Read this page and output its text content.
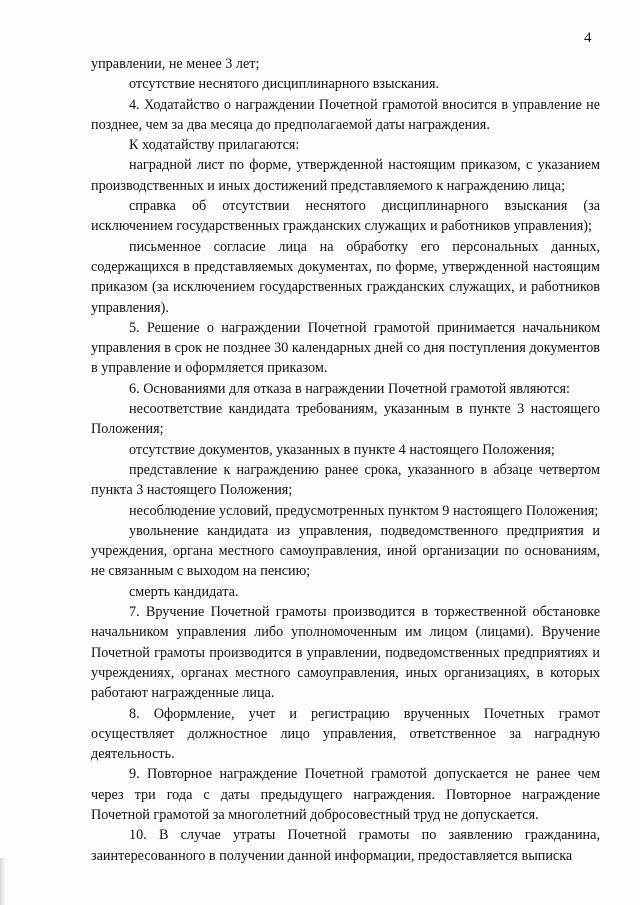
4

управлении, не менее 3 лет;

отсутствие неснятого дисциплинарного взыскания.

4. Ходатайство о награждении Почетной грамотой вносится в управление не позднее, чем за два месяца до предполагаемой даты награждения.

К ходатайству прилагаются:

наградной лист по форме, утвержденной настоящим приказом, с указанием производственных и иных достижений представляемого к награждению лица;

справка об отсутствии неснятого дисциплинарного взыскания (за исключением государственных гражданских служащих и работников управления);

письменное согласие лица на обработку его персональных данных, содержащихся в представляемых документах, по форме, утвержденной настоящим приказом (за исключением государственных гражданских служащих, и работников управления).

5. Решение о награждении Почетной грамотой принимается начальником управления в срок не позднее 30 календарных дней со дня поступления документов в управление и оформляется приказом.

6. Основаниями для отказа в награждении Почетной грамотой являются:

несоответствие кандидата требованиям, указанным в пункте 3 настоящего Положения;

отсутствие документов, указанных в пункте 4 настоящего Положения;

представление к награждению ранее срока, указанного в абзаце четвертом пункта 3 настоящего Положения;

несоблюдение условий, предусмотренных пунктом 9 настоящего Положения;

увольнение кандидата из управления, подведомственного предприятия и учреждения, органа местного самоуправления, иной организации по основаниям, не связанным с выходом на пенсию;

смерть кандидата.

7. Вручение Почетной грамоты производится в торжественной обстановке начальником управления либо уполномоченным им лицом (лицами). Вручение Почетной грамоты производится в управлении, подведомственных предприятиях и учреждениях, органах местного самоуправления, иных организациях, в которых работают награжденные лица.

8. Оформление, учет и регистрацию врученных Почетных грамот осуществляет должностное лицо управления, ответственное за наградную деятельность.

9. Повторное награждение Почетной грамотой допускается не ранее чем через три года с даты предыдущего награждения. Повторное награждение Почетной грамотой за многолетний добросовестный труд не допускается.

10. В случае утраты Почетной грамоты по заявлению гражданина, заинтересованного в получении данной информации, предоставляется выписка
